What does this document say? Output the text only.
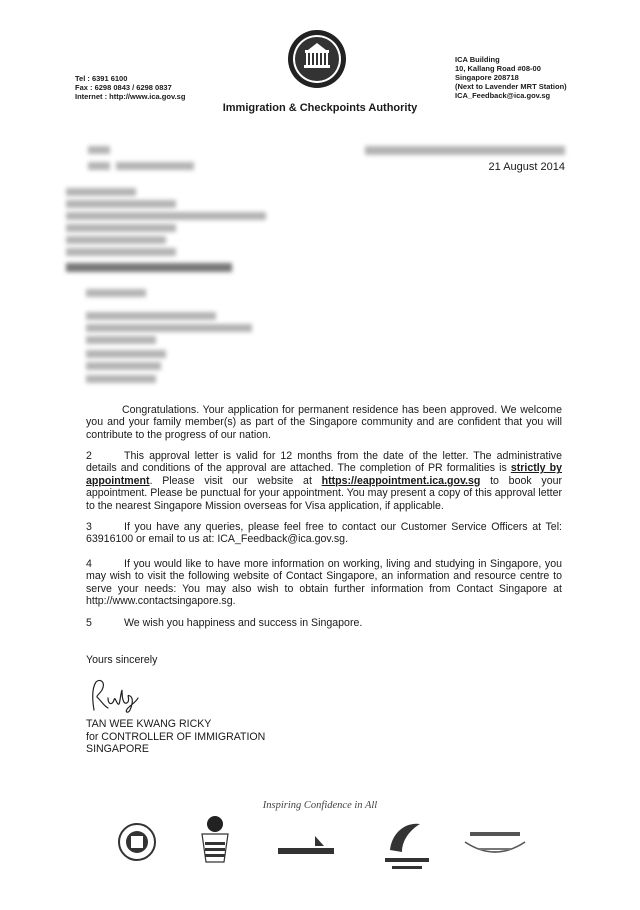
Tel : 6391 6100
Fax : 6298 0843 / 6298 0837
Internet : http://www.ica.gov.sg
ICA Building
10, Kallang Road #08-00
Singapore 208718
(Next to Lavender MRT Station)
ICA_Feedback@ica.gov.sg
Immigration & Checkpoints Authority
21 August 2014
Congratulations. Your application for permanent residence has been approved. We welcome you and your family member(s) as part of the Singapore community and are confident that you will contribute to the progress of our nation.
2	This approval letter is valid for 12 months from the date of the letter. The administrative details and conditions of the approval are attached. The completion of PR formalities is strictly by appointment. Please visit our website at https://eappointment.ica.gov.sg to book your appointment. Please be punctual for your appointment. You may present a copy of this approval letter to the nearest Singapore Mission overseas for Visa application, if applicable.
3	If you have any queries, please feel free to contact our Customer Service Officers at Tel: 63916100 or email to us at: ICA_Feedback@ica.gov.sg.
4	If you would like to have more information on working, living and studying in Singapore, you may wish to visit the following website of Contact Singapore, an information and resource centre to serve your needs: You may also wish to obtain further information from Contact Singapore at http://www.contactsingapore.sg.
5	We wish you happiness and success in Singapore.
Yours sincerely
TAN WEE KWANG RICKY
for CONTROLLER OF IMMIGRATION
SINGAPORE
Inspiring Confidence in All
